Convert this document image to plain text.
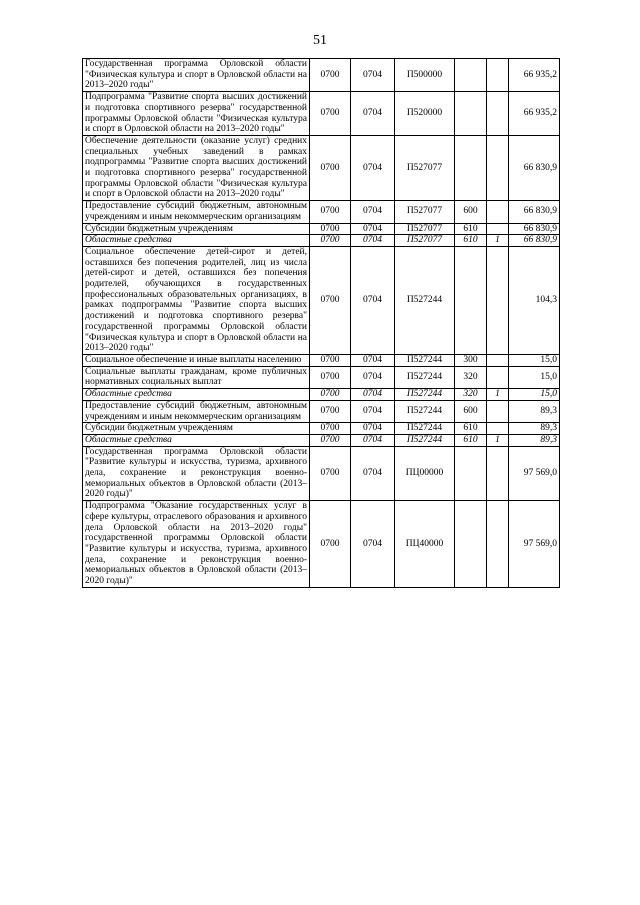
51
Государственная программа Орловской области "Физическая культура и спорт в Орловской области на 2013–2020 годы"	0700	0704	П500000			66 935,2
Подпрограмма "Развитие спорта высших достижений и подготовка спортивного резерва" государственной программы Орловской области "Физическая культура и спорт в Орловской области на 2013–2020 годы"	0700	0704	П520000			66 935,2
Обеспечение деятельности (оказание услуг) средних специальных учебных заведений в рамках подпрограммы "Развитие спорта высших достижений и подготовка спортивного резерва" государственной программы Орловской области "Физическая культура и спорт в Орловской области на 2013–2020 годы"	0700	0704	П527077			66 830,9
Предоставление субсидий бюджетным, автономным учреждениям и иным некоммерческим организациям	0700	0704	П527077	600		66 830,9
Субсидии бюджетным учреждениям	0700	0704	П527077	610		66 830,9
Областные средства	0700	0704	П527077	610	1	66 830,9
Социальное обеспечение детей-сирот и детей, оставшихся без попечения родителей, лиц из числа детей-сирот и детей, оставшихся без попечения родителей, обучающихся в государственных профессиональных образовательных организациях, в рамках подпрограммы "Развитие спорта высших достижений и подготовка спортивного резерва" государственной программы Орловской области "Физическая культура и спорт в Орловской области на 2013–2020 годы"	0700	0704	П527244			104,3
Социальное обеспечение и иные выплаты населению	0700	0704	П527244	300		15,0
Социальные выплаты гражданам, кроме публичных нормативных социальных выплат	0700	0704	П527244	320		15,0
Областные средства	0700	0704	П527244	320	1	15,0
Предоставление субсидий бюджетным, автономным учреждениям и иным некоммерческим организациям	0700	0704	П527244	600		89,3
Субсидии бюджетным учреждениям	0700	0704	П527244	610		89,3
Областные средства	0700	0704	П527244	610	1	89,3
Государственная программа Орловской области "Развитие культуры и искусства, туризма, архивного дела, сохранение и реконструкция военно-мемориальных объектов в Орловской области (2013–2020 годы)"	0700	0704	ПЦ00000			97 569,0
Подпрограмма "Оказание государственных услуг в сфере культуры, отраслевого образования и архивного дела Орловской области на 2013–2020 годы" государственной программы Орловской области "Развитие культуры и искусства, туризма, архивного дела, сохранение и реконструкция военно-мемориальных объектов в Орловской области (2013–2020 годы)"	0700	0704	ПЦ40000			97 569,0
